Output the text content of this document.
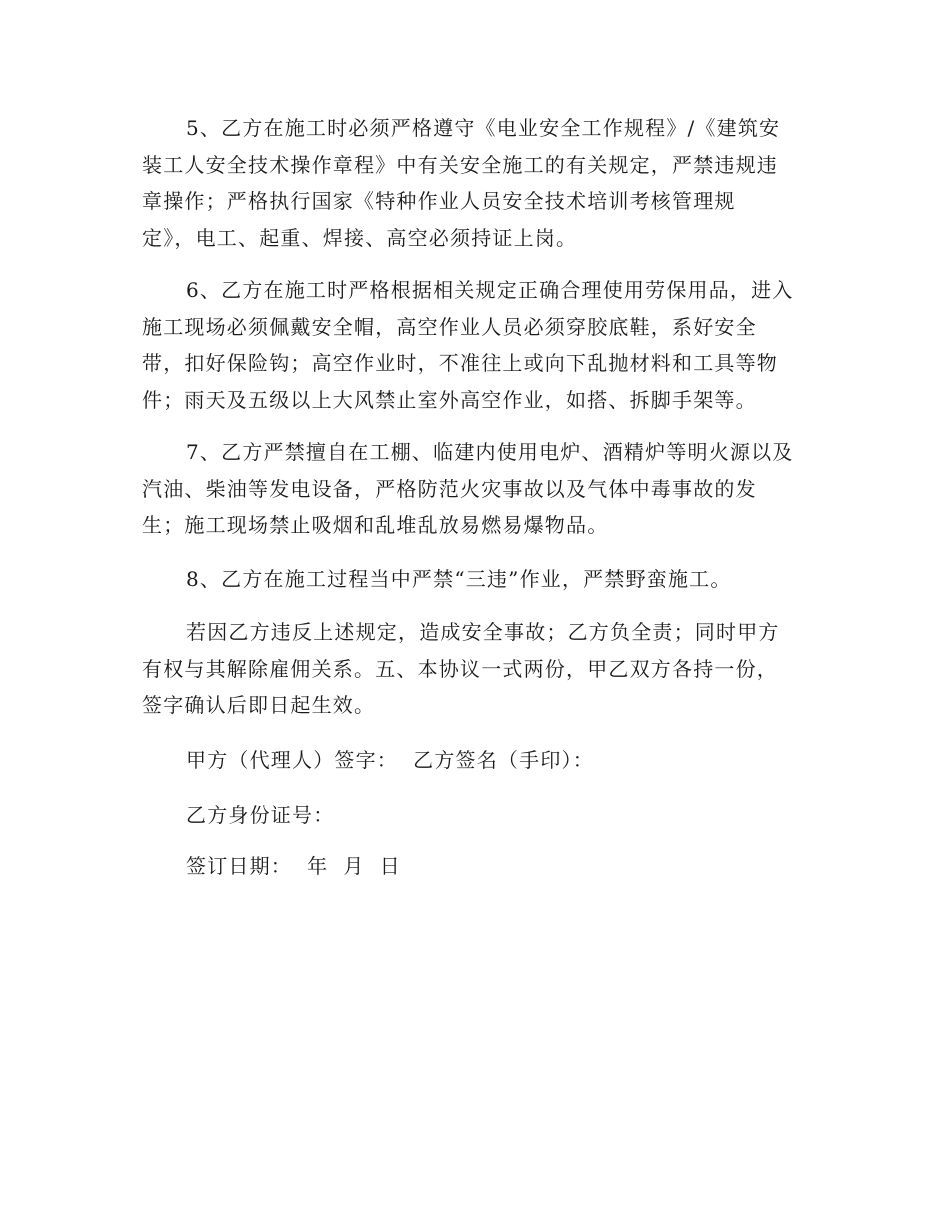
5、乙方在施工时必须严格遵守《电业安全工作规程》/《建筑安
装工人安全技术操作章程》中有关安全施工的有关规定，严禁违规违
章操作；严格执行国家《特种作业人员安全技术培训考核管理规
定》，电工、起重、焊接、高空必须持证上岗。

6、乙方在施工时严格根据相关规定正确合理使用劳保用品，进入
施工现场必须佩戴安全帽，高空作业人员必须穿胶底鞋，系好安全
带，扣好保险钩；高空作业时，不准往上或向下乱抛材料和工具等物
件；雨天及五级以上大风禁止室外高空作业，如搭、拆脚手架等。

7、乙方严禁擅自在工棚、临建内使用电炉、酒精炉等明火源以及
汽油、柴油等发电设备，严格防范火灾事故以及气体中毒事故的发
生；施工现场禁止吸烟和乱堆乱放易燃易爆物品。

8、乙方在施工过程当中严禁“三违”作业，严禁野蛮施工。

若因乙方违反上述规定，造成安全事故；乙方负全责；同时甲方
有权与其解除雇佣关系。五、本协议一式两份，甲乙双方各持一份，
签字确认后即日起生效。

甲方（代理人）签字：  乙方签名（手印）：

乙方身份证号：

签订日期：  年  月  日
